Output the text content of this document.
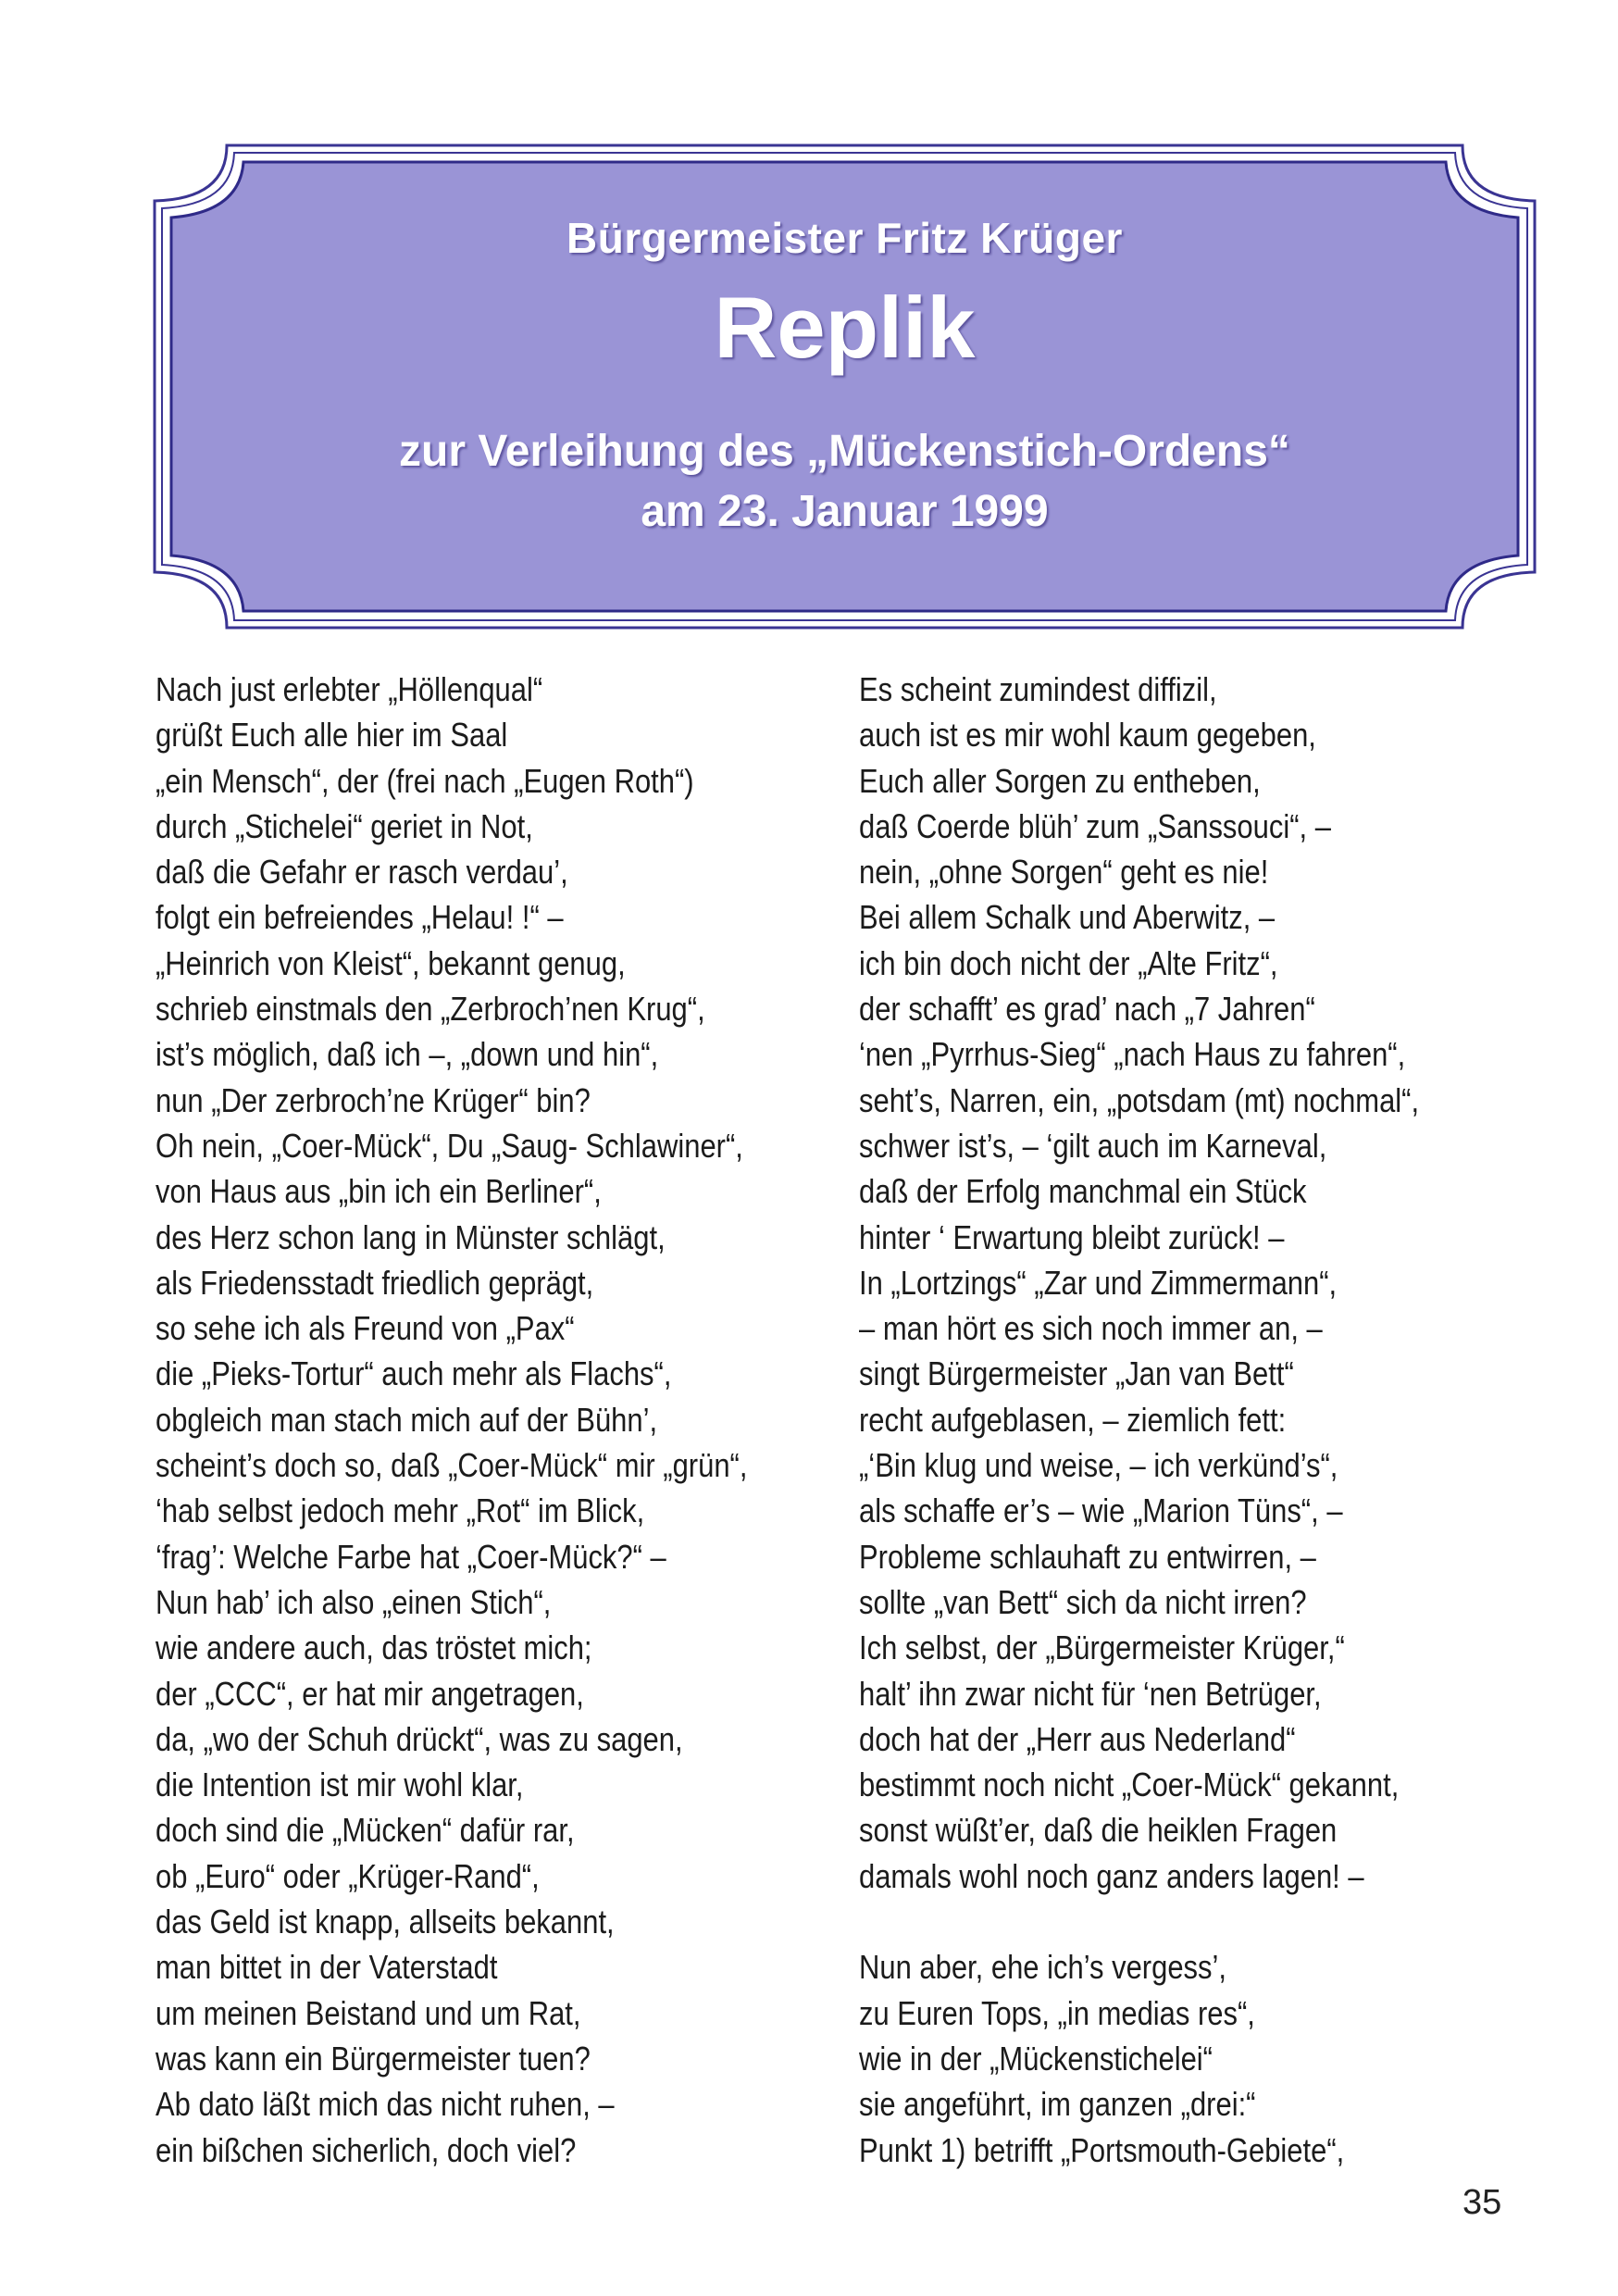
Bürgermeister Fritz Krüger
Replik
zur Verleihung des „Mückenstich-Ordens“
am 23. Januar 1999
Nach just erlebter „Höllenqual“
grüßt Euch alle hier im Saal
„ein Mensch“, der (frei nach „Eugen Roth“)
durch „Stichelei“ geriet in Not,
daß die Gefahr er rasch verdau’,
folgt ein befreiendes „Helau! !“ –
„Heinrich von Kleist“, bekannt genug,
schrieb einstmals den „Zerbroch’nen Krug“,
ist’s möglich, daß ich –, „down und hin“,
nun „Der zerbroch’ne Krüger“ bin?
Oh nein, „Coer-Mück“, Du „Saug- Schlawiner“,
von Haus aus „bin ich ein Berliner“,
des Herz schon lang in Münster schlägt,
als Friedensstadt friedlich geprägt,
so sehe ich als Freund von „Pax“
die „Pieks-Tortur“ auch mehr als Flachs“,
obgleich man stach mich auf der Bühn’,
scheint’s doch so, daß „Coer-Mück“ mir „grün“,
‘hab selbst jedoch mehr „Rot“ im Blick,
‘frag’: Welche Farbe hat „Coer-Mück?“ –
Nun hab’ ich also „einen Stich“,
wie andere auch, das tröstet mich;
der „CCC“, er hat mir angetragen,
da, „wo der Schuh drückt“, was zu sagen,
die Intention ist mir wohl klar,
doch sind die „Mücken“ dafür rar,
ob „Euro“ oder „Krüger-Rand“,
das Geld ist knapp, allseits bekannt,
man bittet in der Vaterstadt
um meinen Beistand und um Rat,
was kann ein Bürgermeister tuen?
Ab dato läßt mich das nicht ruhen, –
ein bißchen sicherlich, doch viel?
Es scheint zumindest diffizil,
auch ist es mir wohl kaum gegeben,
Euch aller Sorgen zu entheben,
daß Coerde blüh’ zum „Sanssouci“, –
nein, „ohne Sorgen“ geht es nie!
Bei allem Schalk und Aberwitz, –
ich bin doch nicht der „Alte Fritz“,
der schafft’ es grad’ nach „7 Jahren“
‘nen „Pyrrhus-Sieg“ „nach Haus zu fahren“,
seht’s, Narren, ein, „potsdam (mt) nochmal“,
schwer ist’s, – ‘gilt auch im Karneval,
daß der Erfolg manchmal ein Stück
hinter ‘ Erwartung bleibt zurück! –
In „Lortzings“ „Zar und Zimmermann“,
– man hört es sich noch immer an, –
singt Bürgermeister „Jan van Bett“
recht aufgeblasen, – ziemlich fett:
„‘Bin klug und weise, – ich verkünd’s“,
als schaffe er’s – wie „Marion Tüns“, –
Probleme schlauhaft zu entwirren, –
sollte „van Bett“ sich da nicht irren?
Ich selbst, der „Bürgermeister Krüger,“
halt’ ihn zwar nicht für ‘nen Betrüger,
doch hat der „Herr aus Nederland“
bestimmt noch nicht „Coer-Mück“ gekannt,
sonst wüßt’er, daß die heiklen Fragen
damals wohl noch ganz anders lagen! –
Nun aber, ehe ich’s vergess’,
zu Euren Tops, „in medias res“,
wie in der „Mückenstichelei“
sie angeführt, im ganzen „drei:“
Punkt 1) betrifft „Portsmouth-Gebiete“,
35
